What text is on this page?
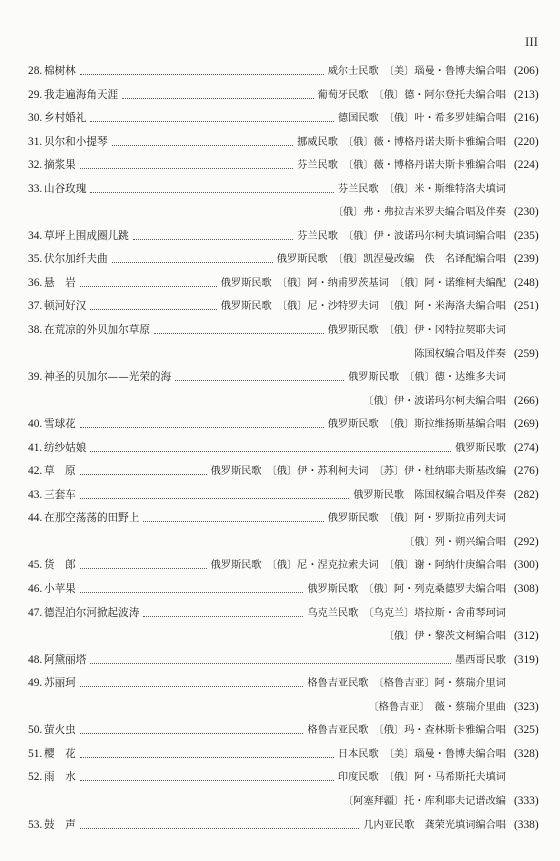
III
28. 棉树林	威尔士民歌　〔美〕瑙曼・鲁博夫编合唱 (206)
29. 我走遍海角天涯	葡萄牙民歌　〔俄〕德・阿尔登托夫编合唱 (213)
30. 乡村婚礼	德国民歌　〔俄〕叶・希多罗娃编合唱 (216)
31. 贝尔和小提琴	挪威民歌　〔俄〕薇・博格丹诺夫斯卡雅编合唱 (220)
32. 摘浆果	芬兰民歌　〔俄〕薇・博格丹诺夫斯卡雅编合唱 (224)
33. 山谷玫瑰	芬兰民歌　〔俄〕米・斯维特洛夫填词
〔俄〕弗・弗拉吉米罗夫编合唱及伴奏 (230)
34. 草坪上围成圈儿跳	芬兰民歌　〔俄〕伊・波诺玛尔柯夫填词编合唱 (235)
35. 伏尔加纤夫曲	俄罗斯民歌　〔俄〕凯涅曼改编　佚　名译配编合唱 (239)
36. 悬　岩	俄罗斯民歌　〔俄〕阿・纳甫罗茨基词　〔俄〕阿・诺维柯夫编配 (248)
37. 顿河好汉	俄罗斯民歌　〔俄〕尼・沙特罗夫词　〔俄〕阿・米海洛夫编合唱 (251)
38. 在荒凉的外贝加尔草原	俄罗斯民歌　〔俄〕伊・冈特拉契耶夫词
陈国权编合唱及伴奏 (259)
39. 神圣的贝加尔——光荣的海	俄罗斯民歌　〔俄〕德・达维多夫词
〔俄〕伊・波诺玛尔柯夫编合唱 (266)
40. 雪球花	俄罗斯民歌　〔俄〕斯拉维扬斯基编合唱 (269)
41. 纺纱姑娘	俄罗斯民歌 (274)
42. 草　原	俄罗斯民歌　〔俄〕伊・苏利柯夫词　〔苏〕伊・杜纳耶夫斯基改编 (276)
43. 三套车	俄罗斯民歌　陈国权编合唱及伴奏 (282)
44. 在那空荡荡的田野上	俄罗斯民歌　〔俄〕阿・罗斯拉甫列夫词
〔俄〕列・朔兴编合唱 (292)
45. 货　郎	俄罗斯民歌　〔俄〕尼・涅克拉索夫词　〔俄〕谢・阿纳什庚编合唱 (300)
46. 小苹果	俄罗斯民歌　〔俄〕阿・列克桑德罗夫编合唱 (308)
47. 德涅泊尔河掀起波涛	乌克兰民歌　〔乌克兰〕塔拉斯・舍甫琴珂词
〔俄〕伊・黎茨文柯编合唱 (312)
48. 阿黛丽塔	墨西哥民歌 (319)
49. 苏丽珂	格鲁吉亚民歌　〔格鲁吉亚〕阿・蔡瑞介里词
〔格鲁吉亚〕　薇・蔡瑞介里曲 (323)
50. 萤火虫	格鲁吉亚民歌　〔俄〕玛・查林斯卡雅编合唱 (325)
51. 樱　花	日本民歌　〔美〕瑙曼・鲁博夫编合唱 (328)
52. 雨　水	印度民歌　〔俄〕阿・马希斯托夫填词
〔阿塞拜疆〕托・库利耶夫记谱改编 (333)
53. 鼓　声	几内亚民歌　龚荣光填词编合唱 (338)
